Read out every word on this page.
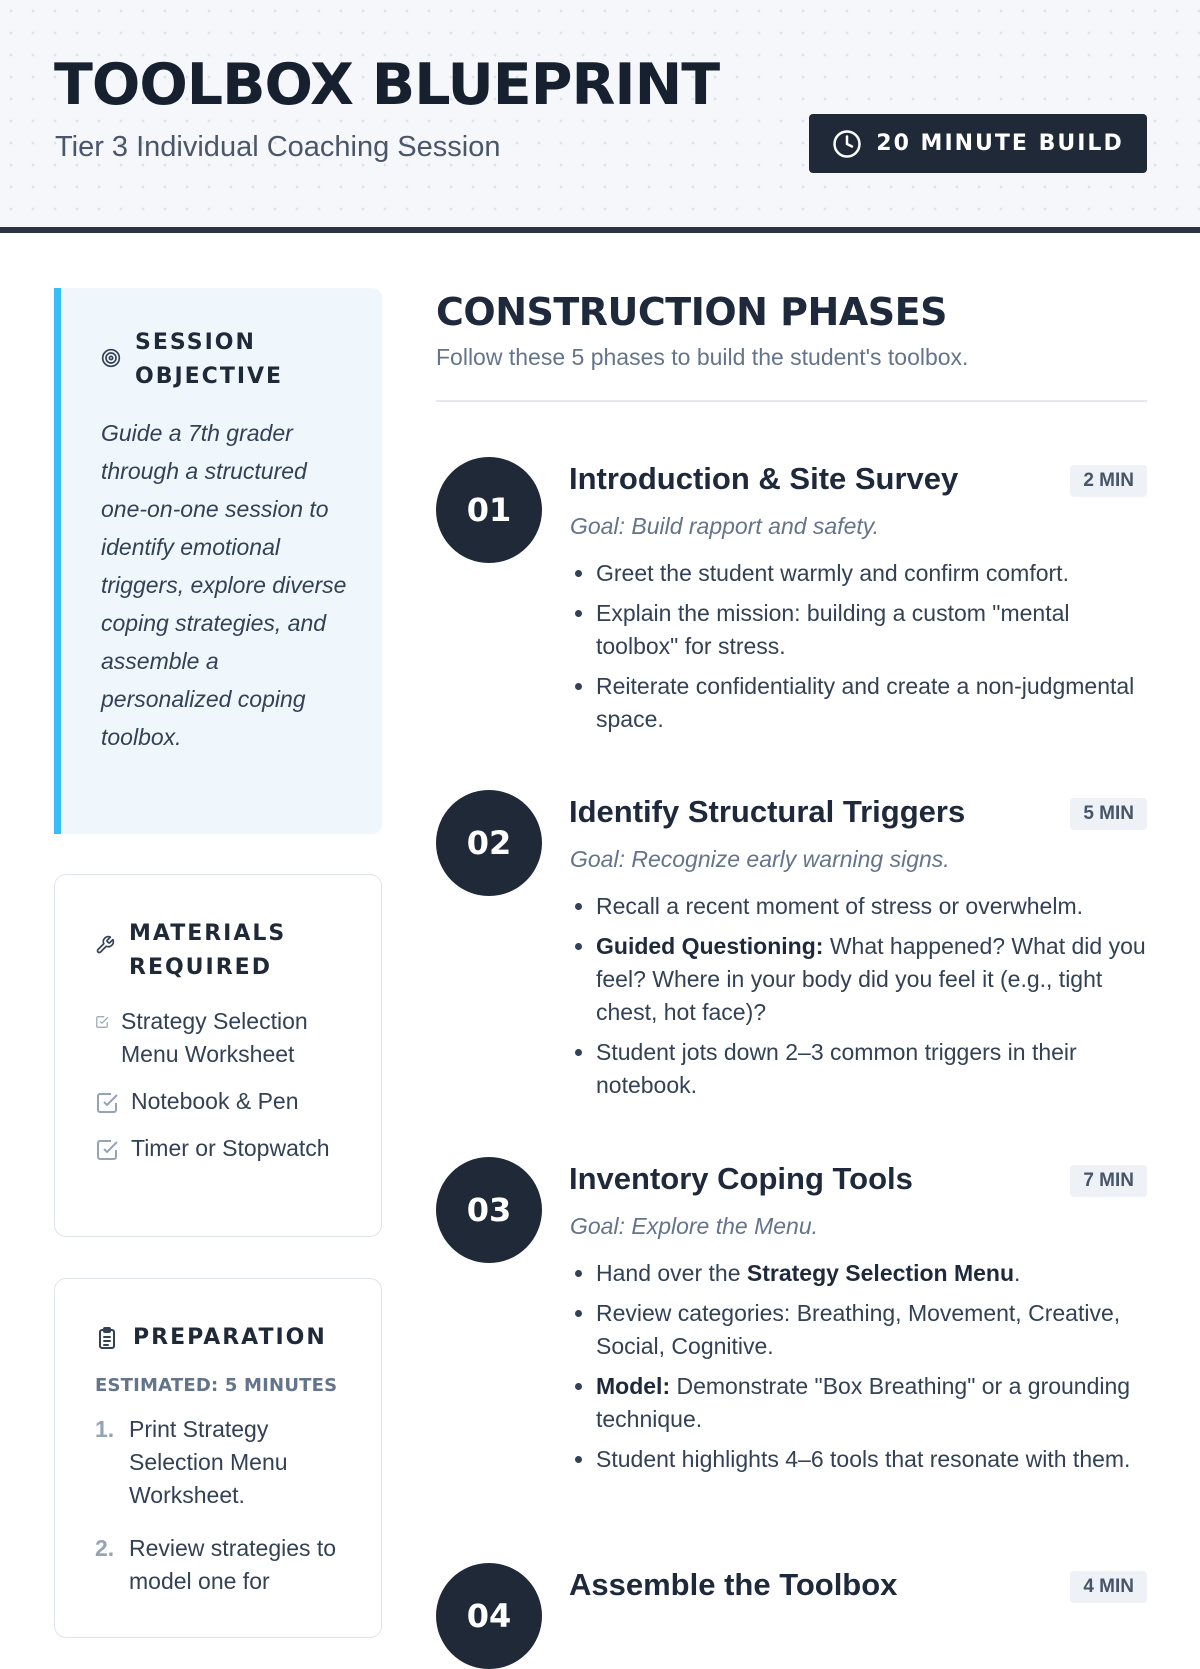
TOOLBOX BLUEPRINT
Tier 3 Individual Coaching Session	20 MINUTE BUILD
SESSION OBJECTIVE

Guide a 7th grader through a structured one-on-one session to identify emotional triggers, explore diverse coping strategies, and assemble a personalized coping toolbox.

MATERIALS REQUIRED
Strategy Selection Menu Worksheet
Notebook & Pen
Timer or Stopwatch
PREPARATION
ESTIMATED: 5 MINUTES
1. Print Strategy Selection Menu Worksheet.
2. Review strategies to model one for
CONSTRUCTION PHASES
Follow these 5 phases to build the student's toolbox.
01
Introduction & Site Survey	2 MIN
Goal: Build rapport and safety.
• Greet the student warmly and confirm comfort.
• Explain the mission: building a custom "mental toolbox" for stress.
• Reiterate confidentiality and create a non-judgmental space.
02
Identify Structural Triggers	5 MIN
Goal: Recognize early warning signs.
• Recall a recent moment of stress or overwhelm.
• Guided Questioning: What happened? What did you feel? Where in your body did you feel it (e.g., tight chest, hot face)?
• Student jots down 2–3 common triggers in their notebook.
03
Inventory Coping Tools	7 MIN
Goal: Explore the Menu.
• Hand over the Strategy Selection Menu.
• Review categories: Breathing, Movement, Creative, Social, Cognitive.
• Model: Demonstrate "Box Breathing" or a grounding technique.
• Student highlights 4–6 tools that resonate with them.
04
Assemble the Toolbox	4 MIN
